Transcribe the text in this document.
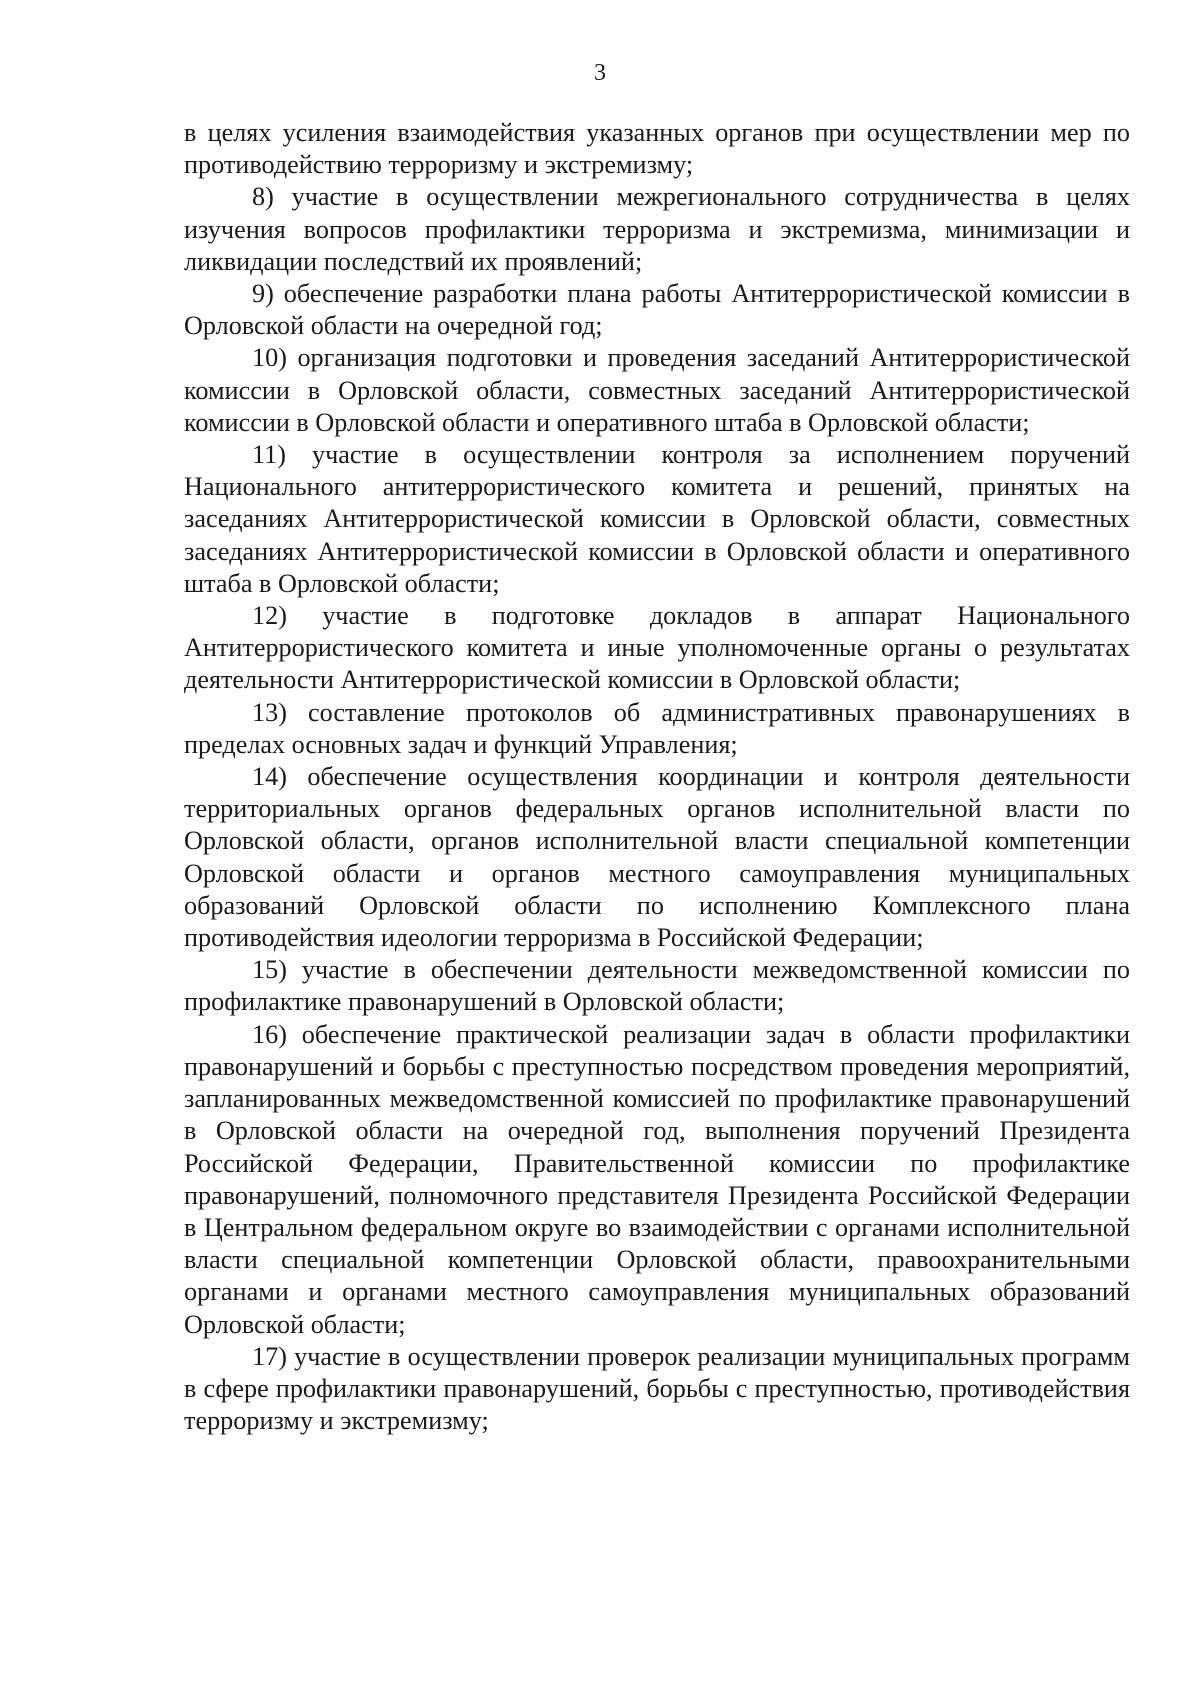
3

в целях усиления взаимодействия указанных органов при осуществлении мер по противодействию терроризму и экстремизму;

8) участие в осуществлении межрегионального сотрудничества в целях изучения вопросов профилактики терроризма и экстремизма, минимизации и ликвидации последствий их проявлений;

9) обеспечение разработки плана работы Антитеррористической комиссии в Орловской области на очередной год;

10) организация подготовки и проведения заседаний Антитеррористической комиссии в Орловской области, совместных заседаний Антитеррористической комиссии в Орловской области и оперативного штаба в Орловской области;

11) участие в осуществлении контроля за исполнением поручений Национального антитеррористического комитета и решений, принятых на заседаниях Антитеррористической комиссии в Орловской области, совместных заседаниях Антитеррористической комиссии в Орловской области и оперативного штаба в Орловской области;

12) участие в подготовке докладов в аппарат Национального Антитеррористического комитета и иные уполномоченные органы о результатах деятельности Антитеррористической комиссии в Орловской области;

13) составление протоколов об административных правонарушениях в пределах основных задач и функций Управления;

14) обеспечение осуществления координации и контроля деятельности территориальных органов федеральных органов исполнительной власти по Орловской области, органов исполнительной власти специальной компетенции Орловской области и органов местного самоуправления муниципальных образований Орловской области по исполнению Комплексного плана противодействия идеологии терроризма в Российской Федерации;

15) участие в обеспечении деятельности межведомственной комиссии по профилактике правонарушений в Орловской области;

16) обеспечение практической реализации задач в области профилактики правонарушений и борьбы с преступностью посредством проведения мероприятий, запланированных межведомственной комиссией по профилактике правонарушений в Орловской области на очередной год, выполнения поручений Президента Российской Федерации, Правительственной комиссии по профилактике правонарушений, полномочного представителя Президента Российской Федерации в Центральном федеральном округе во взаимодействии с органами исполнительной власти специальной компетенции Орловской области, правоохранительными органами и органами местного самоуправления муниципальных образований Орловской области;

17) участие в осуществлении проверок реализации муниципальных программ в сфере профилактики правонарушений, борьбы с преступностью, противодействия терроризму и экстремизму;
